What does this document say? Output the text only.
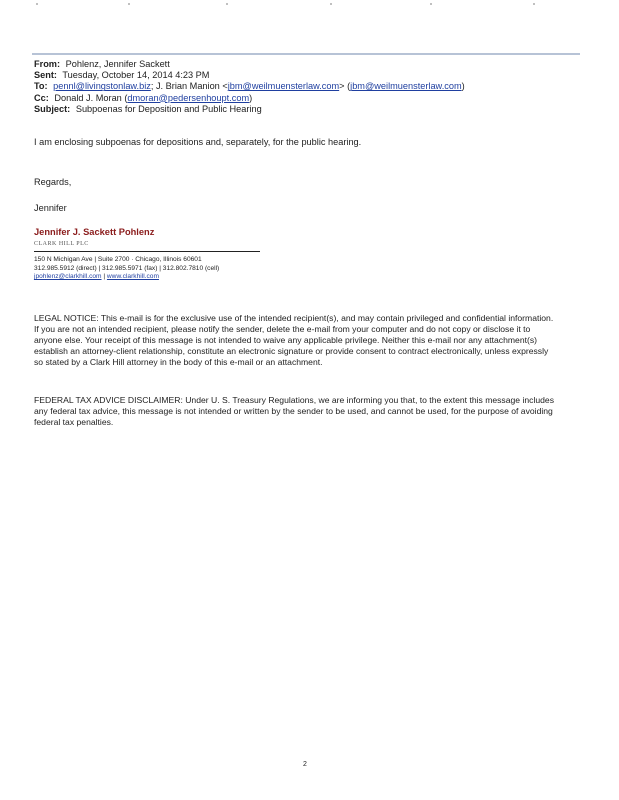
From: Pohlenz, Jennifer Sackett
Sent: Tuesday, October 14, 2014 4:23 PM
To: pennl@livingstonlaw.biz; J. Brian Manion <jbm@weilmuensterlaw.com> (jbm@weilmuensterlaw.com)
Cc: Donald J. Moran (dmoran@pedersenhoupt.com)
Subject: Subpoenas for Deposition and Public Hearing
I am enclosing subpoenas for depositions and, separately, for the public hearing.
Regards,
Jennifer
Jennifer J. Sackett Pohlenz
CLARK HILL PLC
150 N Michigan Ave | Suite 2700 · Chicago, Illinois 60601
312.985.5912 (direct) | 312.985.5971 (fax) | 312.802.7810 (cell)
jpohlenz@clarkhill.com | www.clarkhill.com
LEGAL NOTICE: This e-mail is for the exclusive use of the intended recipient(s), and may contain privileged and confidential information. If you are not an intended recipient, please notify the sender, delete the e-mail from your computer and do not copy or disclose it to anyone else. Your receipt of this message is not intended to waive any applicable privilege. Neither this e-mail nor any attachment(s) establish an attorney-client relationship, constitute an electronic signature or provide consent to contract electronically, unless expressly so stated by a Clark Hill attorney in the body of this e-mail or an attachment.
FEDERAL TAX ADVICE DISCLAIMER: Under U. S. Treasury Regulations, we are informing you that, to the extent this message includes any federal tax advice, this message is not intended or written by the sender to be used, and cannot be used, for the purpose of avoiding federal tax penalties.
2
